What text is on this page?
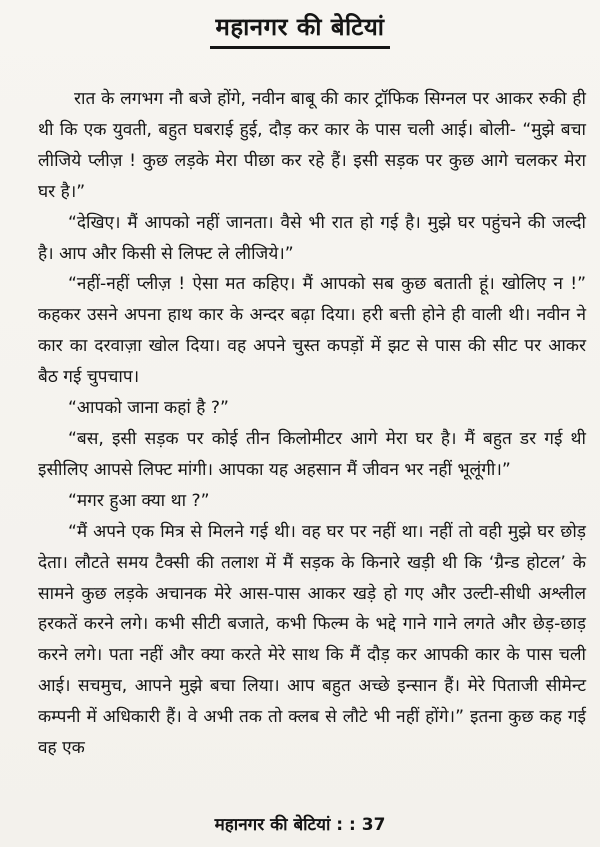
महानगर की बेटियां

रात के लगभग नौ बजे होंगे, नवीन बाबू की कार ट्रॉफिक सिग्नल पर आकर रुकी ही थी कि एक युवती, बहुत घबराई हुई, दौड़ कर कार के पास चली आई। बोली- “मुझे बचा लीजिये प्लीज़ ! कुछ लड़के मेरा पीछा कर रहे हैं। इसी सड़क पर कुछ आगे चलकर मेरा घर है।”

“देखिए। मैं आपको नहीं जानता। वैसे भी रात हो गई है। मुझे घर पहुंचने की जल्दी है। आप और किसी से लिफ्ट ले लीजिये।”

“नहीं-नहीं प्लीज़ ! ऐसा मत कहिए। मैं आपको सब कुछ बताती हूं। खोलिए न !” कहकर उसने अपना हाथ कार के अन्दर बढ़ा दिया। हरी बत्ती होने ही वाली थी। नवीन ने कार का दरवाज़ा खोल दिया। वह अपने चुस्त कपड़ों में झट से पास की सीट पर आकर बैठ गई चुपचाप।

“आपको जाना कहां है ?”

“बस, इसी सड़क पर कोई तीन किलोमीटर आगे मेरा घर है। मैं बहुत डर गई थी इसीलिए आपसे लिफ्ट मांगी। आपका यह अहसान मैं जीवन भर नहीं भूलूंगी।”

“मगर हुआ क्या था ?”

“मैं अपने एक मित्र से मिलने गई थी। वह घर पर नहीं था। नहीं तो वही मुझे घर छोड़ देता। लौटते समय टैक्सी की तलाश में मैं सड़क के किनारे खड़ी थी कि ‘ग्रैन्ड होटल’ के सामने कुछ लड़के अचानक मेरे आस-पास आकर खड़े हो गए और उल्टी-सीधी अश्लील हरकतें करने लगे। कभी सीटी बजाते, कभी फिल्म के भद्दे गाने गाने लगते और छेड़-छाड़ करने लगे। पता नहीं और क्या करते मेरे साथ कि मैं दौड़ कर आपकी कार के पास चली आई। सचमुच, आपने मुझे बचा लिया। आप बहुत अच्छे इन्सान हैं। मेरे पिताजी सीमेन्ट कम्पनी में अधिकारी हैं। वे अभी तक तो क्लब से लौटे भी नहीं होंगे।” इतना कुछ कह गई वह एक

महानगर की बेटियां : : 37
